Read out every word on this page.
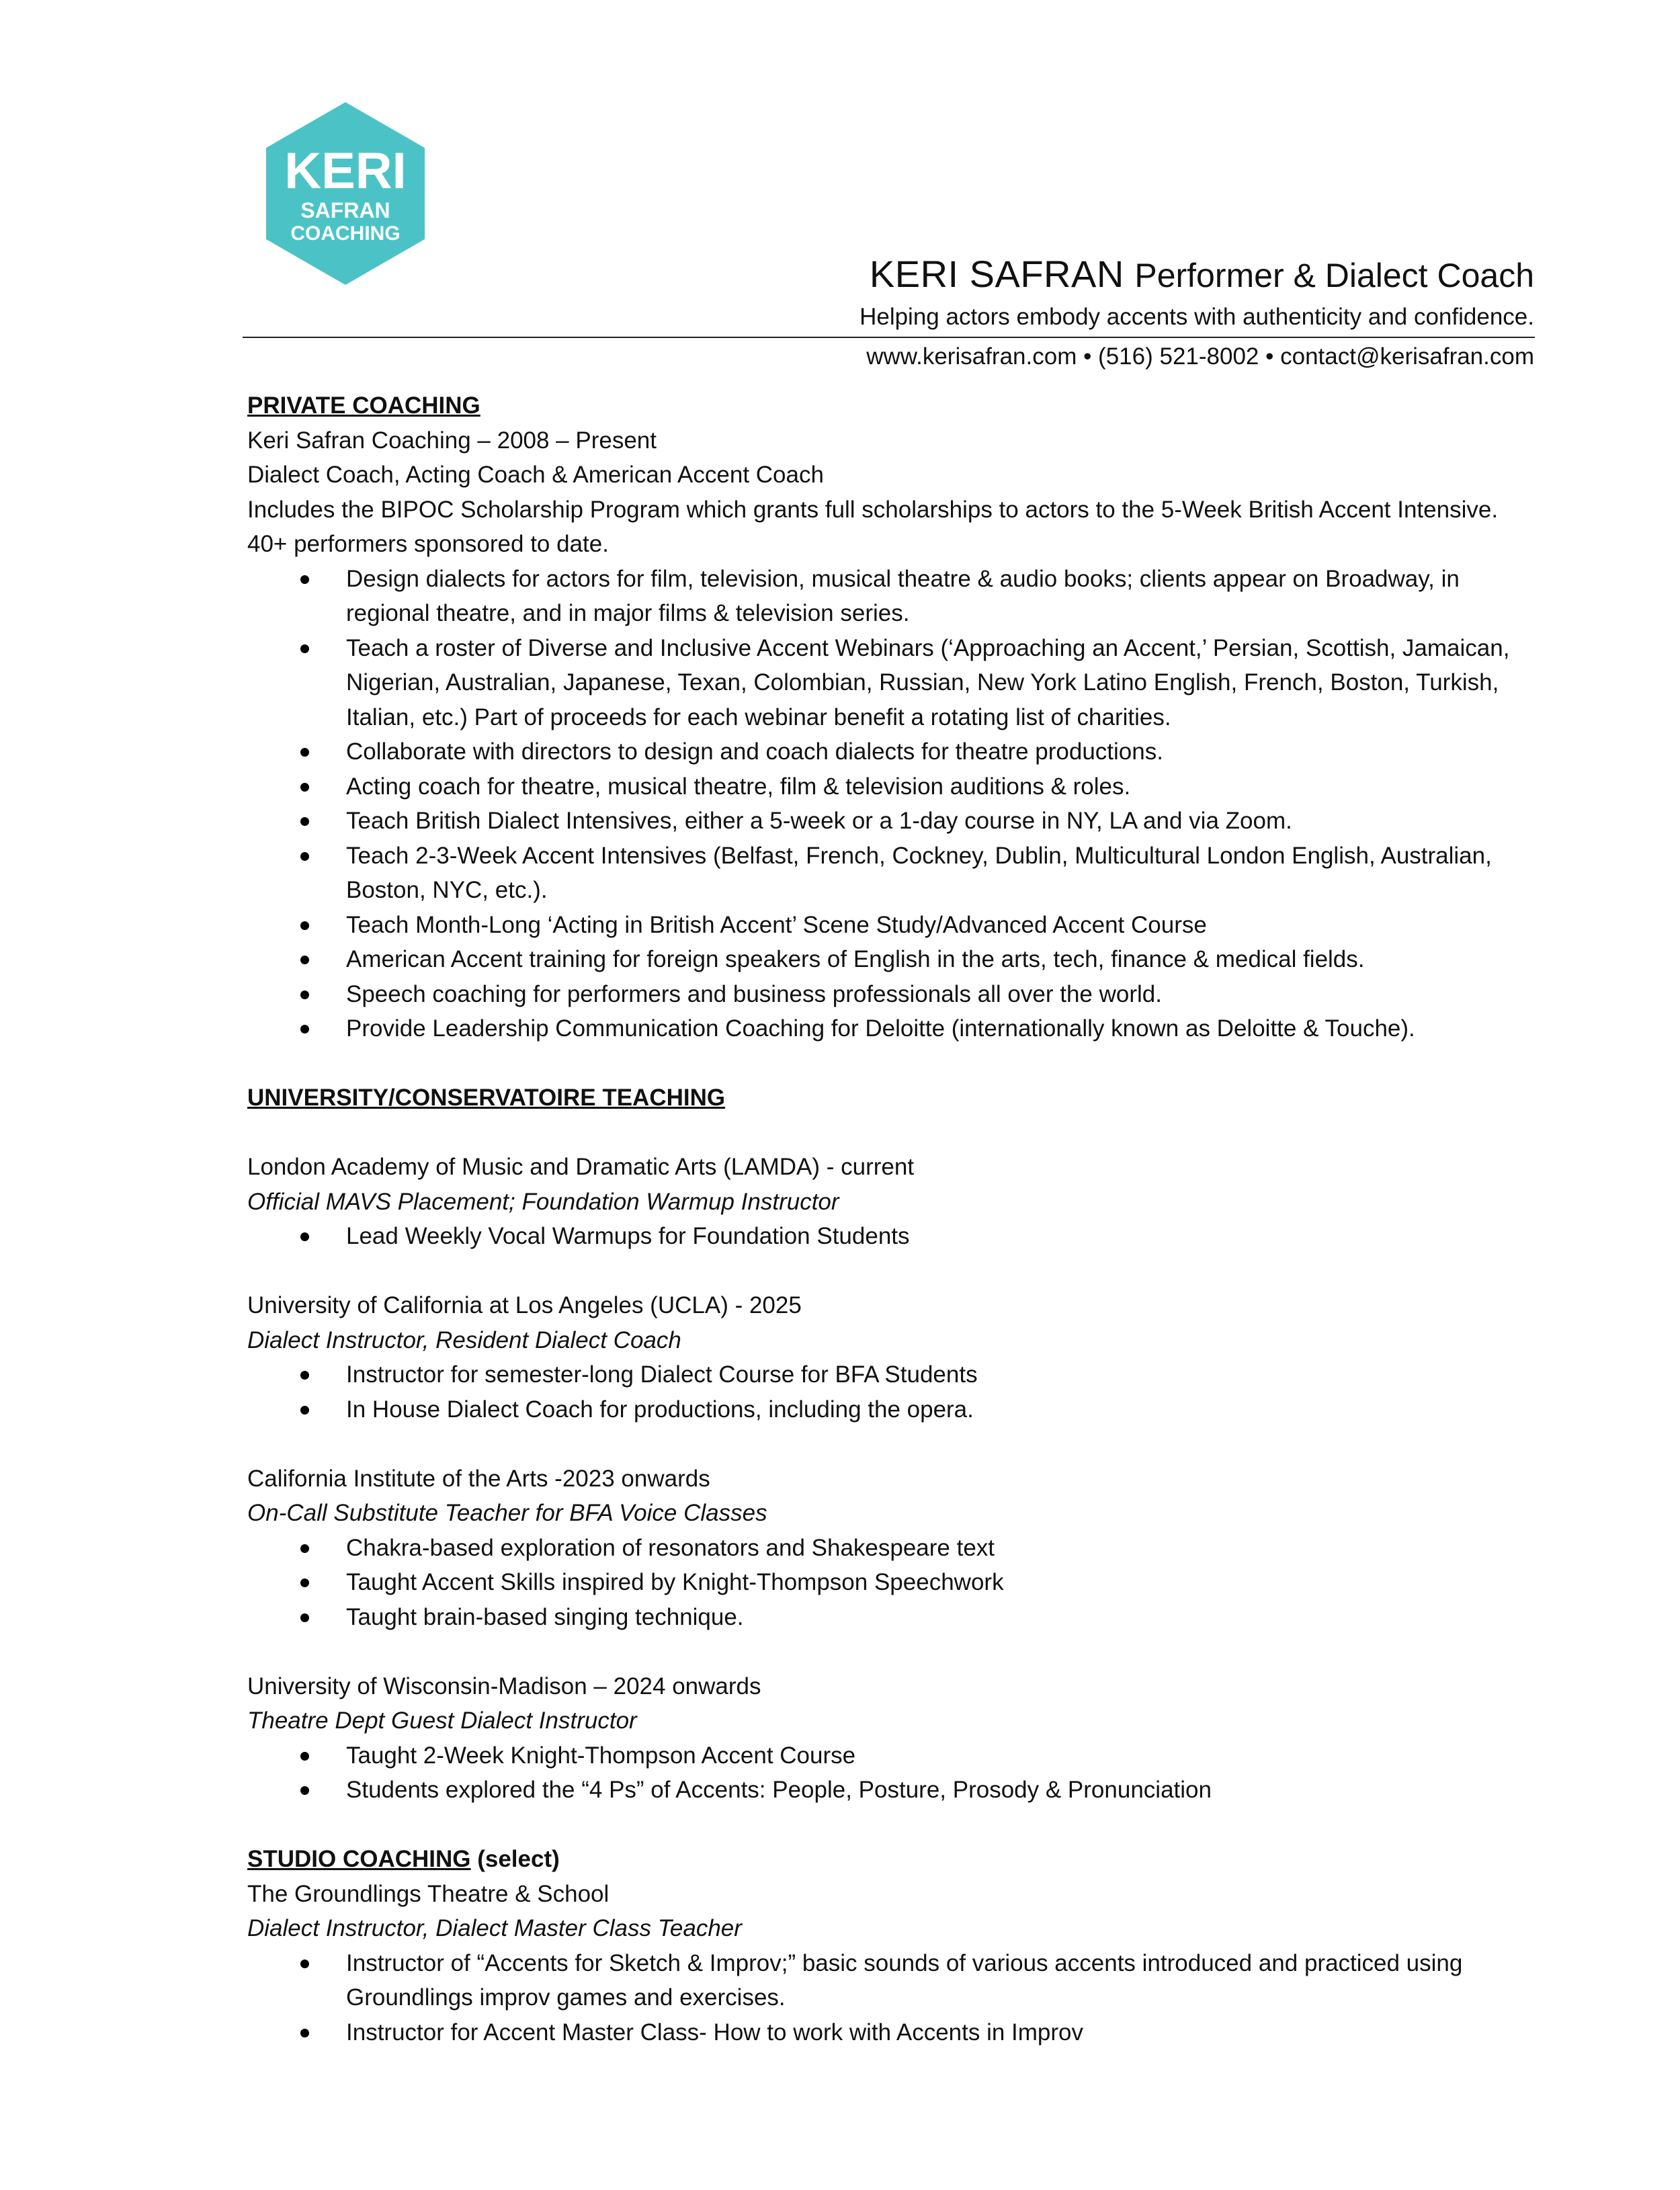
KERI
SAFRAN
COACHING
KERI SAFRAN Performer & Dialect Coach
Helping actors embody accents with authenticity and confidence.
www.kerisafran.com • (516) 521-8002 • contact@kerisafran.com

PRIVATE COACHING

Keri Safran Coaching – 2008 – Present

Dialect Coach, Acting Coach & American Accent Coach

Includes the BIPOC Scholarship Program which grants full scholarships to actors to the 5-Week British Accent Intensive. 40+ performers sponsored to date.

Design dialects for actors for film, television, musical theatre & audio books; clients appear on Broadway, in regional theatre, and in major films & television series.
Teach a roster of Diverse and Inclusive Accent Webinars (‘Approaching an Accent,’ Persian, Scottish, Jamaican, Nigerian, Australian, Japanese, Texan, Colombian, Russian, New York Latino English, French, Boston, Turkish, Italian, etc.) Part of proceeds for each webinar benefit a rotating list of charities.
Collaborate with directors to design and coach dialects for theatre productions.
Acting coach for theatre, musical theatre, film & television auditions & roles.
Teach British Dialect Intensives, either a 5-week or a 1-day course in NY, LA and via Zoom.
Teach 2-3-Week Accent Intensives (Belfast, French, Cockney, Dublin, Multicultural London English, Australian, Boston, NYC, etc.).
Teach Month-Long ‘Acting in British Accent’ Scene Study/Advanced Accent Course
American Accent training for foreign speakers of English in the arts, tech, finance & medical fields.
Speech coaching for performers and business professionals all over the world.
Provide Leadership Communication Coaching for Deloitte (internationally known as Deloitte & Touche).

UNIVERSITY/CONSERVATOIRE TEACHING

London Academy of Music and Dramatic Arts (LAMDA) - current

Official MAVS Placement; Foundation Warmup Instructor

Lead Weekly Vocal Warmups for Foundation Students

University of California at Los Angeles (UCLA) - 2025

Dialect Instructor, Resident Dialect Coach

Instructor for semester-long Dialect Course for BFA Students
In House Dialect Coach for productions, including the opera.

California Institute of the Arts -2023 onwards

On-Call Substitute Teacher for BFA Voice Classes

Chakra-based exploration of resonators and Shakespeare text
Taught Accent Skills inspired by Knight-Thompson Speechwork
Taught brain-based singing technique.

University of Wisconsin-Madison – 2024 onwards

Theatre Dept Guest Dialect Instructor

Taught 2-Week Knight-Thompson Accent Course
Students explored the “4 Ps” of Accents: People, Posture, Prosody & Pronunciation

STUDIO COACHING (select)

The Groundlings Theatre & School

Dialect Instructor, Dialect Master Class Teacher

Instructor of “Accents for Sketch & Improv;” basic sounds of various accents introduced and practiced using Groundlings improv games and exercises.
Instructor for Accent Master Class- How to work with Accents in Improv
